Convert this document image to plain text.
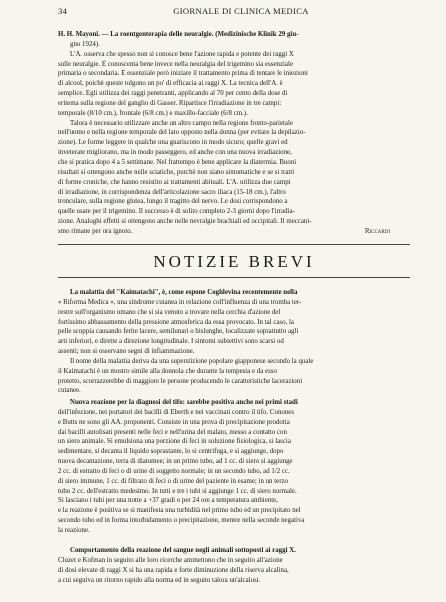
34	GIORNALE DI CLINICA MEDICA
H. H. Mayoni. — La roentgenterapia delle neuralgie. (Medizinische Klinik 29 giu-
gno 1924).
L'A. osserva che spesso non si conosce bene l'azione rapida e potente dei raggi X
sulle neuralgie. È conoscenta bene invece nella neuralgia del trigemino sia essenziale
primaria o secondaria. È essenziale però iniziare il trattamento prima di tentare le iniezioni
di alcool, poichè queste tolgono un po' di efficacia ai raggi X. La tecnica dell'A. è
semplice. Egli utilizza dei raggi penetranti, applicando al 70 per cento della dose di
eritema sulla regione del ganglio di Gasser. Ripartisce l'irradiazione in tre campi:
temporale (8/10 cm.), frontale (6/8 cm.) e maxillo-facciale (6/8 cm.).
Talora è necessario utilizzare anche un altro campo nella regione fronto-parietale
nell'uomo e nella regione temporale del lato opposto nella donna (per evitare la depilazio-
zione). Le forme leggere in qualche una guariscono in modo sicuro; quelle gravi ed
inveterate migliorano, ma in modo passeggero, ed anche con una nuova irradiazione,
che si pratica dopo 4 a 5 settimane. Nel frattempo è bene applicare la diatermia. Buoni
risultati si ottengono anche nelle sciatiche, purchè non siano sintomatiche e se si tratti
di forme croniche, che hanno resistito ai trattamenti abituali. L'A. utilizza due campi
di irradiazione, in corrispondenza dell'articolazione sacro iliaca (15-18 cm.), l'altro
tronculare, sulla regione glutea, lungo il tragitto del nervo. Le dosi corrispondono a
quelle usate per il trigemino. Il successo è di solito completo 2-3 giorni dopo l'irradia-
zione. Analoghi effetti si ottengono anche nelle nevralgie brachiali ed occipitali. Il meccani-
smo rimane per ora ignoto.	Riccardi
NOTIZIE BREVI
La malattia del "Kaimatachi", è, come espone Coghlevina recentemente nella
« Riforma Medica », una sindrome cutanea in relazione coll'influenza di una tromba ter-
restre sull'organismo umano che si sia venuto a trovare nella cerchia d'azione del
fortissimo abbassamento della pressione atmosferica da essa provocato. In tal caso, la
pelle scoppia causando ferite lacere, semilunari o bislunghe, localizzate soprattutto agli
arti inferiori, e dirette a direzione longitudinale. I sintomi subiettivi sono scarsi od
assenti; non si osservano segni di infiammazione.
Il nome della malattia deriva da una superstizione popolare giapponese secondo la quale
il Kaimatachi è un mostro simile alla donnola che durante la tempesta e da esso
protetto, scorrazzerebbe di maggiore le persone producendo le caratteristiche lacerazioni
cutanee.
Nuova reazione per la diagnosi del tifo: sarebbe positiva anche nei primi stadi
dell'infezione, nei portatori dei bacilli di Eberth e nei vaccinati contro il tifo. Conones
e Butts ne sono gli AA. proponenti. Consiste in una prova di precipitazione prodotta
dai bacilli autolisati presenti nelle feci e nell'urina del malato, messo a contatto con
un siero animale. Si emulsiona una porzione di feci in soluzione fisiologica, si lascia
sedimentare, si decanta il liquido soprastante, lo si centrifuga, e si aggiunge, dopo
nuova decantazione, terra di diatomee; in un primo tubo, ad 1 cc. di siero si aggiunge
2 cc. di estratto di feci o di urine di soggetto normale; in un secondo tubo, ad 1/2 cc.
di siero immune, 1 cc. di filtrato di feci o di urine del paziente in esame; in un terzo
tubo 2 cc. dell'estratto medesimo. In tutti e tre i tubi si aggiunge 1 cc. di siero normale.
Si lasciano i tubi per una notte a +37 gradi o per 24 ore a temperatura ambiente,
e la reazione è positiva se si manifesta una turbidità nel primo tubo ed un precipitato nel
secondo tubo ed in forma intorbidamento o precipitazione, mentre nella seconde negativa
la reazione.
Comportamento della reazione del sangue negli animali sottoposti ai raggi X.
Cluzet e Kofman in seguito alle loro ricerche ammettono che in seguito all'azione
di dosi elevate di raggi X si ha una rapida e forte diminuzione della riserva alcalina,
a cui seguiva un ritorno rapido alla norma ed in seguito talora un'alcalosi.
